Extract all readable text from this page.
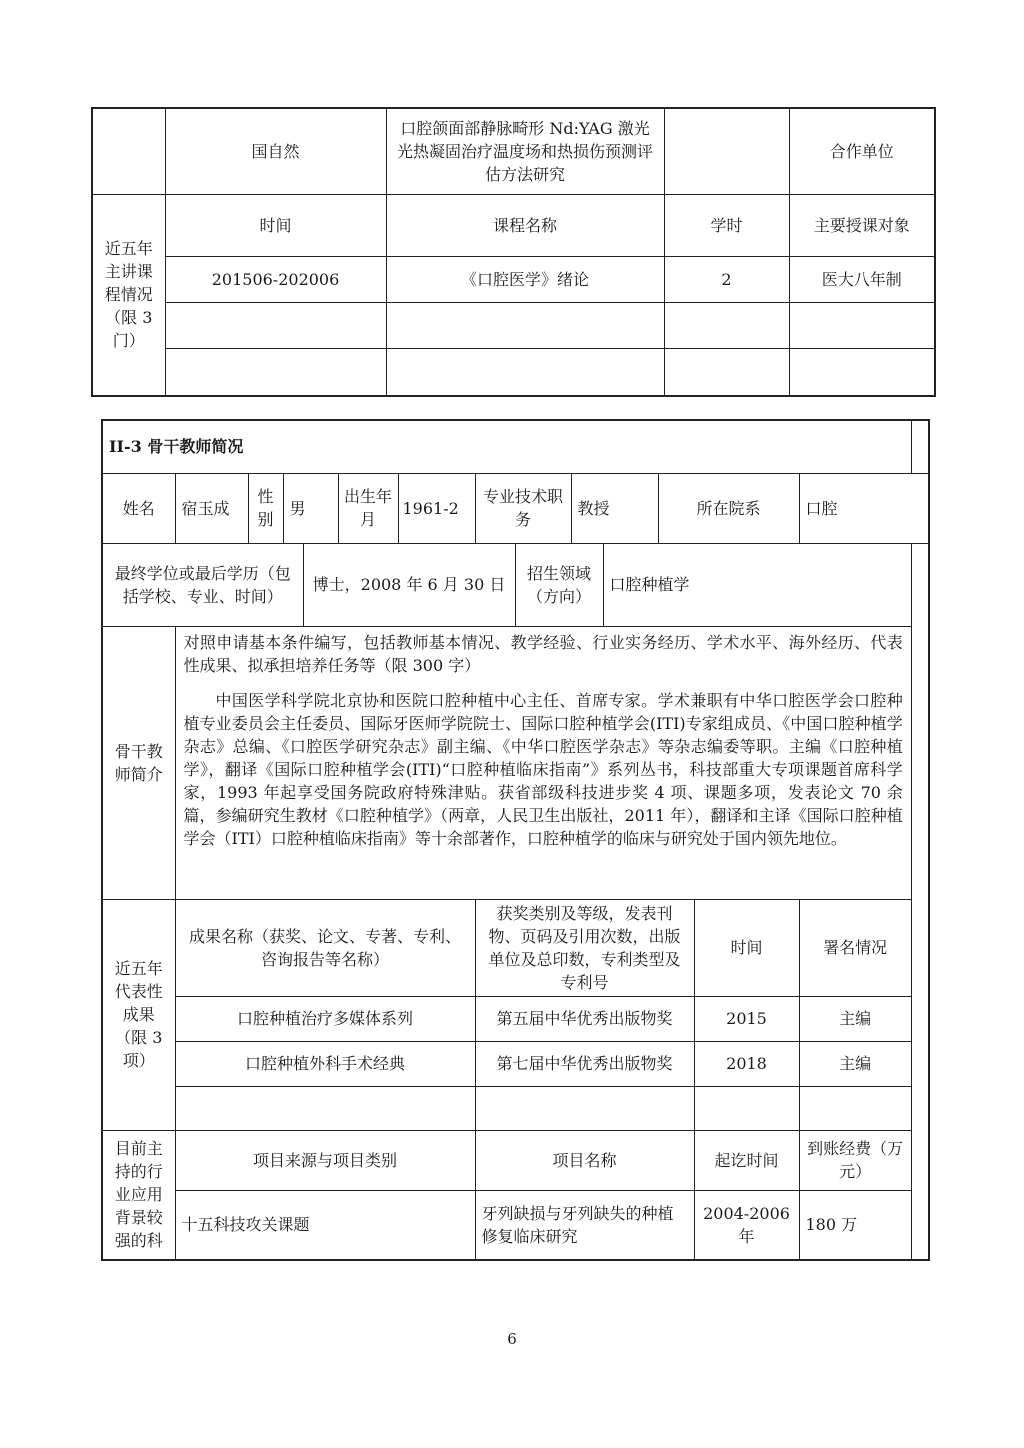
	国自然	口腔颌面部静脉畸形 Nd:YAG 激光光热凝固治疗温度场和热损伤预测评估方法研究		合作单位
近五年主讲课程情况（限 3 门）	时间	课程名称	学时	主要授课对象
	201506-202006	《口腔医学》绪论	2	医大八年制

II-3 骨干教师简况													
姓名	宿玉成	性别	男		出生年月	1961-2	专业技术职务		教授		所在院系		口腔
最终学位或最后学历（包括学校、专业、时间）				博士，2008 年 6 月 30 日				招生领域（方向）		口腔种植学			
骨干教师简介	对照申请基本条件编写，包括教师基本情况、教学经验、行业实务经历、学术水平、海外经历、代表性成果、拟承担培养任务等（限 300 字）

中国医学科学院北京协和医院口腔种植中心主任、首席专家。学术兼职有中华口腔医学会口腔种植专业委员会主任委员、国际牙医师学院院士、国际口腔种植学会(ITI)专家组成员、《中国口腔种植学杂志》总编、《口腔医学研究杂志》副主编、《中华口腔医学杂志》等杂志编委等职。主编《口腔种植学》，翻译《国际口腔种植学会(ITI)“口腔种植临床指南”》系列丛书，科技部重大专项课题首席科学家，1993 年起享受国务院政府特殊津贴。获省部级科技进步奖 4 项、课题多项，发表论文 70 余篇，参编研究生教材《口腔种植学》（两章，人民卫生出版社，2011 年），翻译和主译《国际口腔种植学会（ITI）口腔种植临床指南》等十余部著作，口腔种植学的临床与研究处于国内领先地位。												

近五年代表性成果（限 3 项）	成果名称（获奖、论文、专著、专利、咨询报告等名称）						获奖类别及等级，发表刊物、页码及引用次数，出版单位及总印数，专利类型及专利号					时间	署名情况
	口腔种植治疗多媒体系列						第五届中华优秀出版物奖					2015	主编
	口腔种植外科手术经典						第七届中华优秀出版物奖					2018	主编

目前主持的行业应用背景较强的科	项目来源与项目类别						项目名称					起讫时间	到账经费（万元）
	十五科技攻关课题						牙列缺损与牙列缺失的种植修复临床研究					2004-2006 年	180 万
6
